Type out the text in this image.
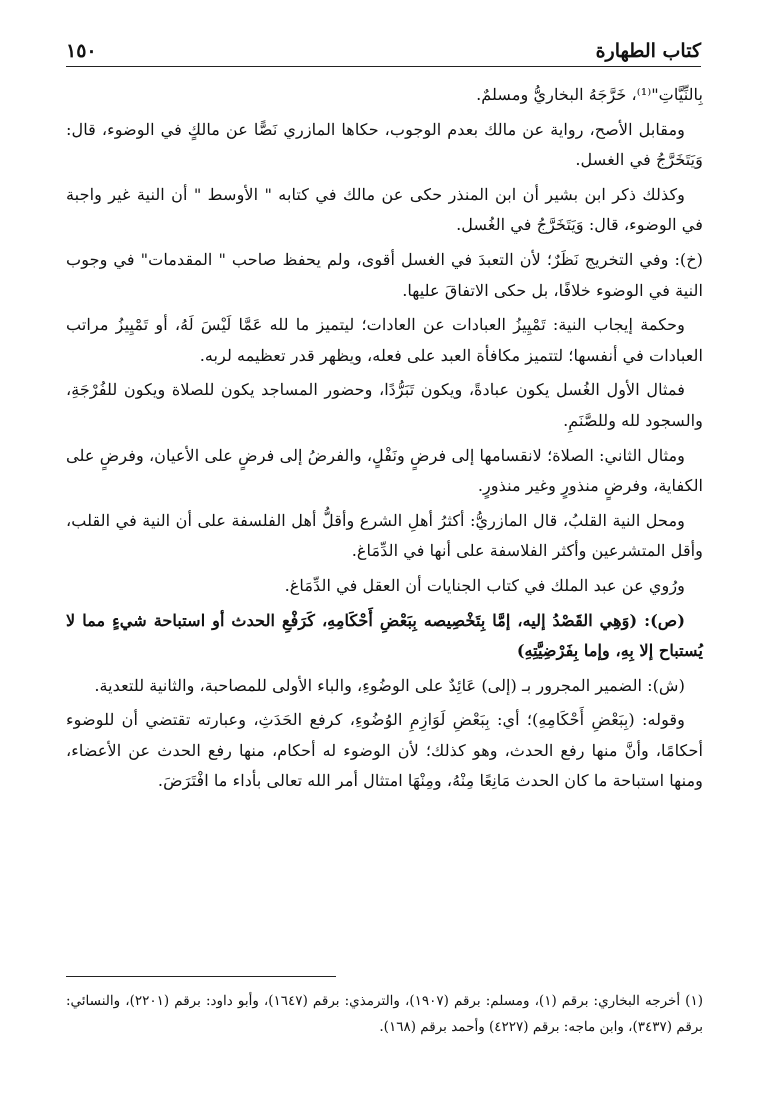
كتاب الطهارة
١٥٠

بِالنِّيَّاتِ"⁽¹⁾، خَرَّجَهُ البخاريُّ ومسلمٌ.

ومقابل الأصح، رواية عن مالك بعدم الوجوب، حكاها المازري نَصًّا عن مالكٍ في الوضوء، قال: وَيَتَخَرَّجُ في الغسل.

وكذلك ذكر ابن بشير أن ابن المنذر حكى عن مالك في كتابه " الأوسط " أن النية غير واجبة في الوضوء، قال: وَيَتَخَرَّجُ في الغُسل.

(خ): وفي التخريج نَظَرٌ؛ لأن التعبدَ في الغسل أقوى، ولم يحفظ صاحب " المقدمات" في وجوب النية في الوضوء خلافًا، بل حكى الاتفاقَ عليها.

وحكمة إيجاب النية: تَمْيِيزُ العبادات عن العادات؛ ليتميز ما لله عَمَّا لَيْسَ لَهُ، أو تَمْيِيزُ مراتب العبادات في أنفسها؛ لتتميز مكافأة العبد على فعله، ويظهر قدر تعظيمه لربه.

فمثال الأول الغُسل يكون عبادةً، ويكون تَبَرُّدًا، وحضور المساجد يكون للصلاة ويكون للفُرْجَةِ، والسجود لله وللصَّنَمِ.

ومثال الثاني: الصلاة؛ لانقسامها إلى فرضٍ ونَفْلٍ، والفرضُ إلى فرضٍ على الأعيان، وفرضٍ على الكفاية، وفرضٍ منذورٍ وغير منذورٍ.

ومحل النية القلبُ، قال المازريُّ: أكثرُ أهلِ الشرع وأقلُّ أهل الفلسفة على أن النية في القلب، وأقل المتشرعين وأكثر الفلاسفة على أنها في الدِّمَاغ.

ورُوي عن عبد الملك في كتاب الجنايات أن العقل في الدِّمَاغ.

(ص): (وَهِي القَصْدُ إليه، إمَّا بِتَخْصِيصه بِبَعْضِ أَحْكَامِهِ، كَرَفْعِ الحدث أو استباحة شيءٍ مما لا يُستباح إلا بِهِ، وإما بِفَرْضِيَّتِهِ)

(ش): الضمير المجرور بـ (إلى) عَائِدٌ على الوضُوءِ، والباء الأولى للمصاحبة، والثانية للتعدية.

وقوله: (بِبَعْضِ أَحْكَامِهِ)؛ أي: بِبَعْضِ لَوَازِمِ الوُضُوءِ، كرفع الحَدَثِ، وعبارته تقتضي أن للوضوء أحكامًا، وأنَّ منها رفع الحدث، وهو كذلك؛ لأن الوضوء له أحكام، منها رفع الحدث عن الأعضاء، ومنها استباحة ما كان الحدث مَانِعًا مِنْهُ، ومِنْهَا امتثال أمر الله تعالى بأداء ما افْتَرَضَ.

(١) أخرجه البخاري: برقم (١)، ومسلم: برقم (١٩٠٧)، والترمذي: برقم (١٦٤٧)، وأبو داود: برقم (٢٢٠١)، والنسائي: برقم (٣٤٣٧)، وابن ماجه: برقم (٤٢٢٧) وأحمد برقم (١٦٨).
